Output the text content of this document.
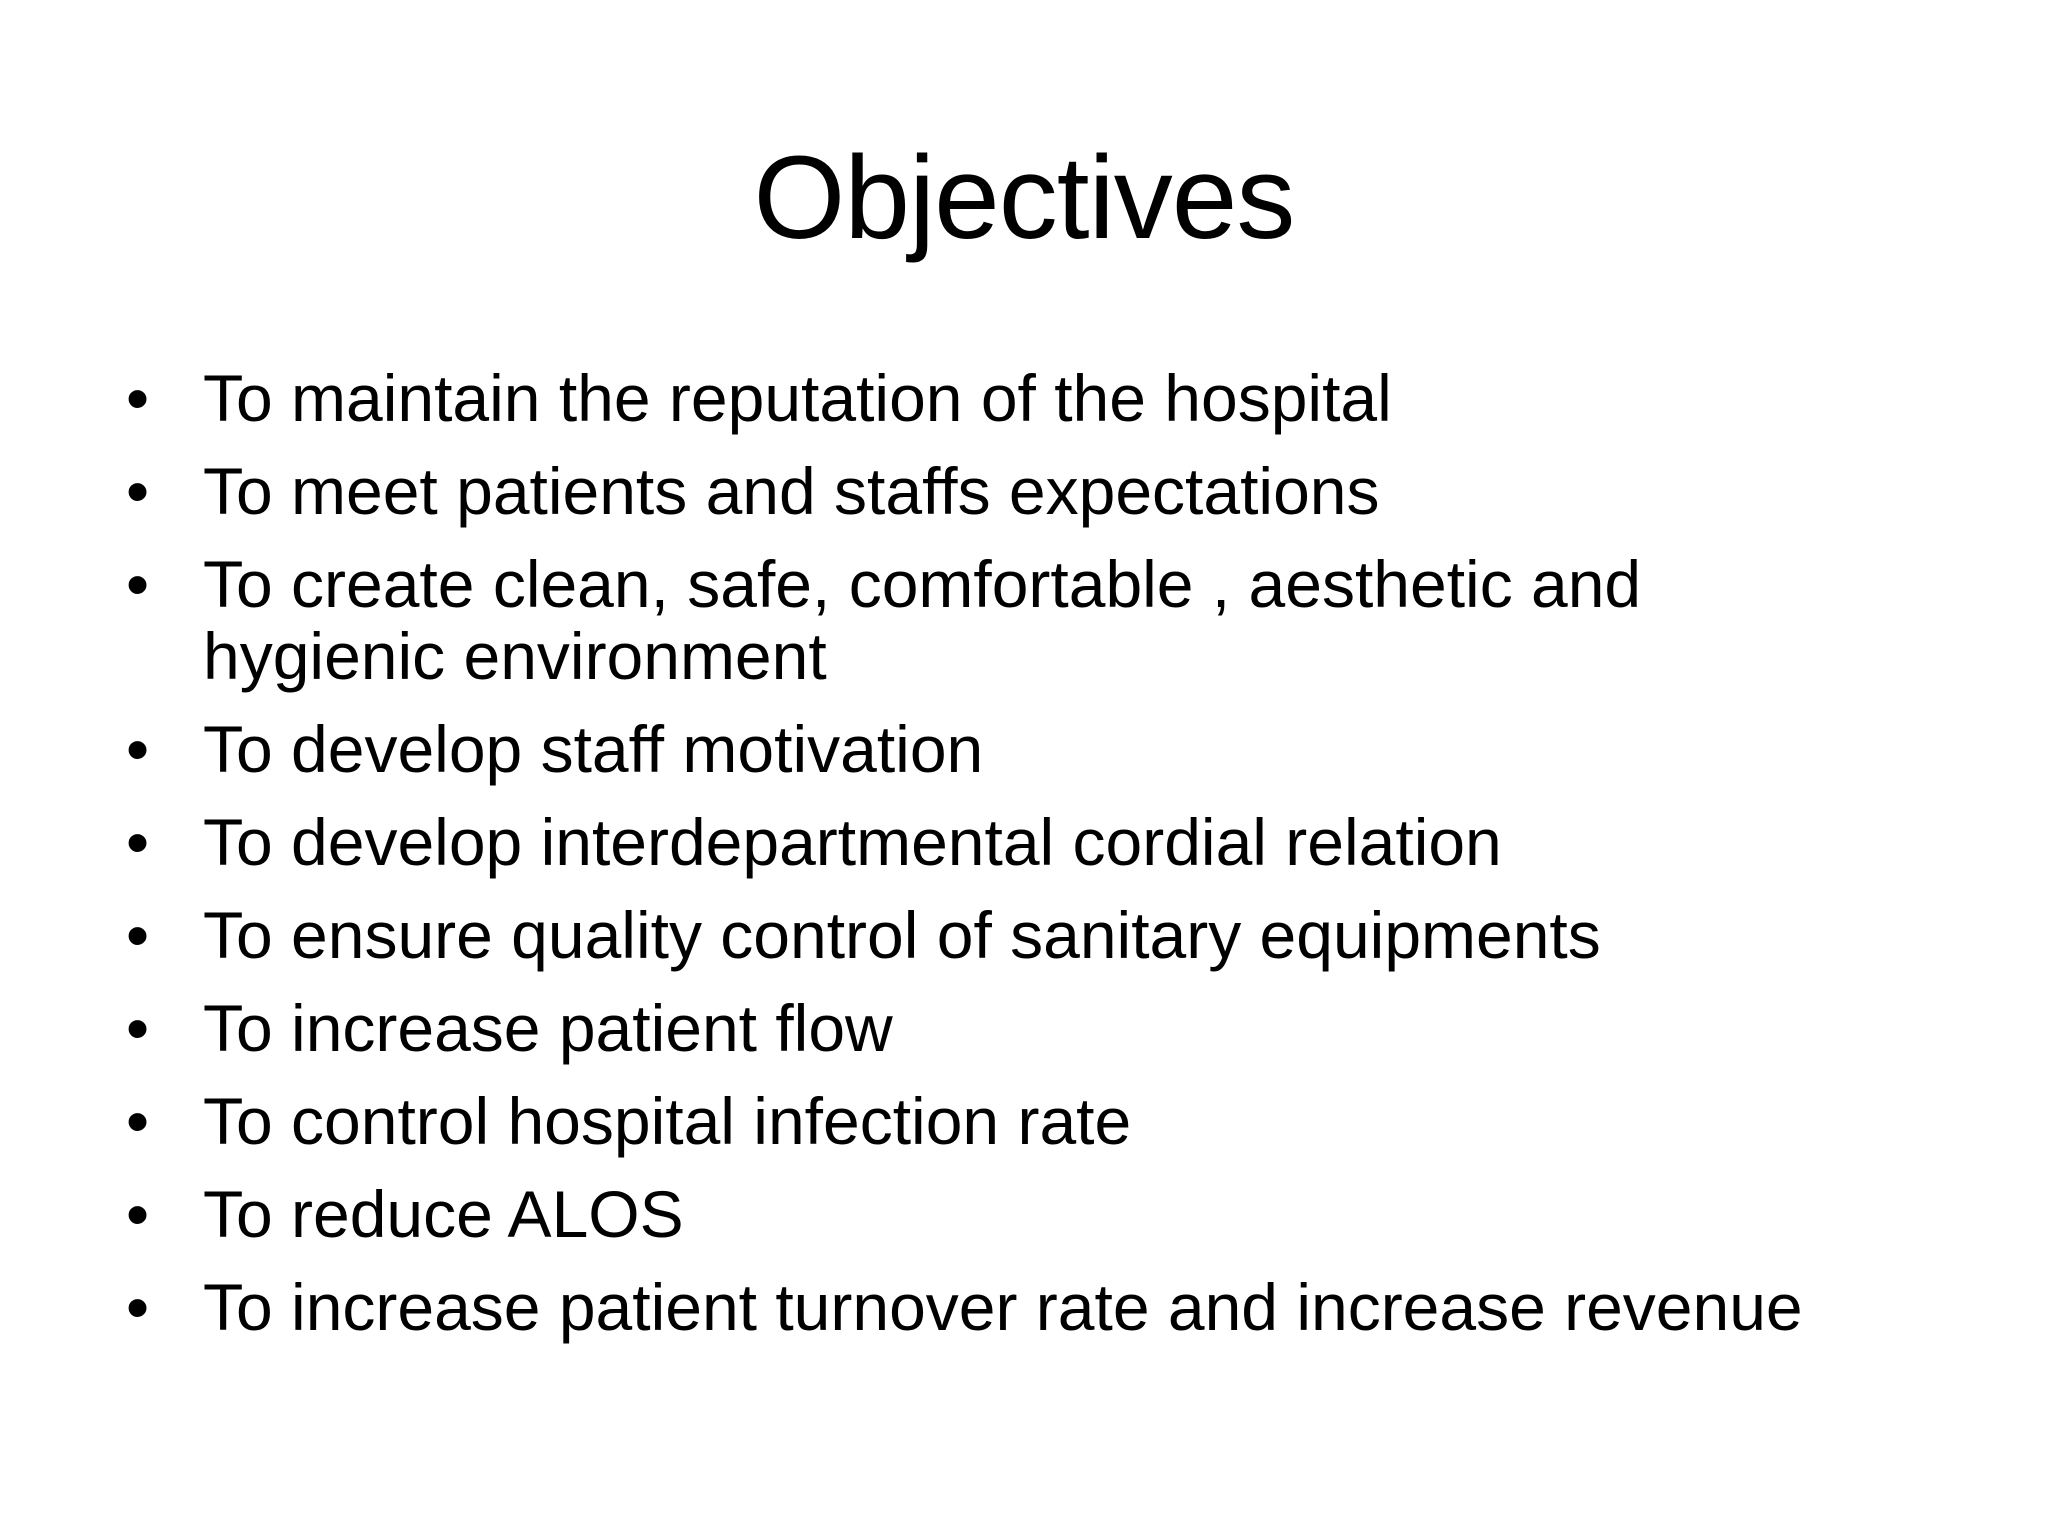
Objectives
• To maintain the reputation of the hospital
• To meet patients and staffs expectations
• To create clean, safe, comfortable , aesthetic and hygienic environment
• To develop staff motivation
• To develop interdepartmental cordial relation
• To ensure quality control of sanitary equipments
• To increase patient flow
• To control hospital infection rate
• To reduce ALOS
• To increase patient turnover rate and increase revenue
